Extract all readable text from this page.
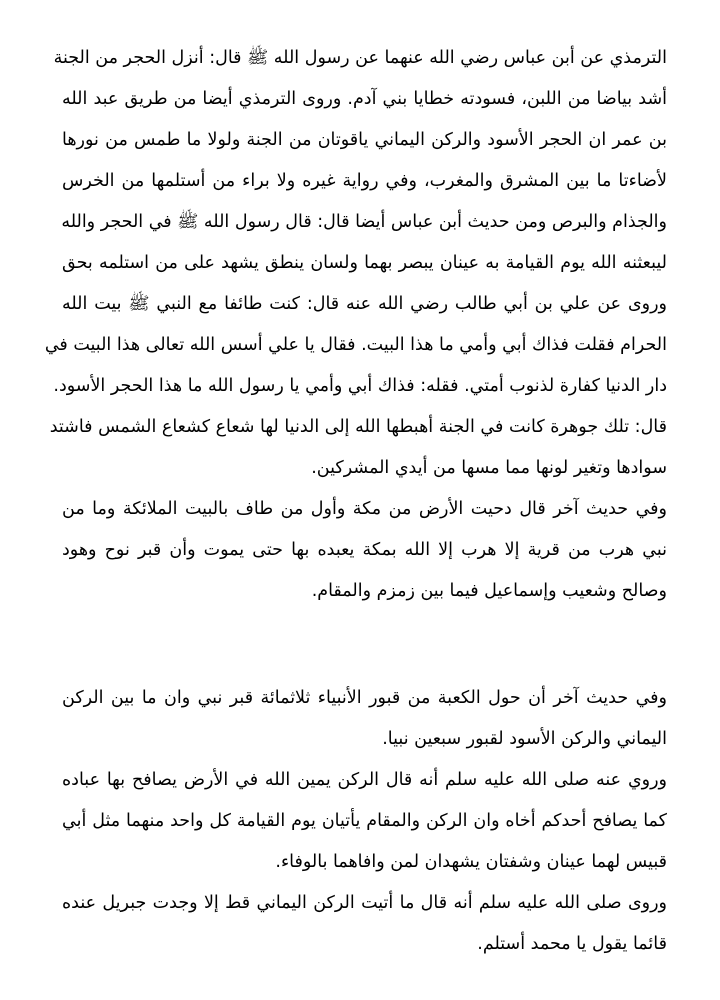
الترمذي عن أبن عباس رضي الله عنهما عن رسول الله ﷺ قال: أنزل الحجر من الجنة
أشد بياضا من اللبن، فسودته خطايا بني آدم. وروى الترمذي أيضا من طريق عبد الله
بن عمر ان الحجر الأسود والركن اليماني ياقوتان من الجنة ولولا ما طمس من نورها
لأضاءتا ما بين المشرق والمغرب، وفي رواية غيره ولا براء من أستلمها من الخرس
والجذام والبرص ومن حديث أبن عباس أيضا قال: قال رسول الله ﷺ في الحجر والله
ليبعثنه الله يوم القيامة به عينان يبصر بهما ولسان ينطق يشهد على من استلمه بحق
وروى عن علي بن أبي طالب رضي الله عنه قال: كنت طائفا مع النبي ﷺ بيت الله
الحرام فقلت فذاك أبي وأمي ما هذا البيت. فقال يا علي أسس الله تعالى هذا البيت في
دار الدنيا كفارة لذنوب أمتي. فقله: فذاك أبي وأمي يا رسول الله ما هذا الحجر الأسود.
قال: تلك جوهرة كانت في الجنة أهبطها الله إلى الدنيا لها شعاع كشعاع الشمس فاشتد
سوادها وتغير لونها مما مسها من أيدي المشركين.
وفي حديث آخر قال دحيت الأرض من مكة وأول من طاف بالبيت الملائكة وما من
نبي هرب من قرية إلا هرب إلا الله بمكة يعبده بها حتى يموت وأن قبر نوح وهود
وصالح وشعيب وإسماعيل فيما بين زمزم والمقام.
وفي حديث آخر أن حول الكعبة من قبور الأنبياء ثلاثمائة قبر نبي وان ما بين الركن
اليماني والركن الأسود لقبور سبعين نبيا.
وروي عنه صلى الله عليه سلم أنه قال الركن يمين الله في الأرض يصافح بها عباده
كما يصافح أحدكم أخاه وان الركن والمقام يأتيان يوم القيامة كل واحد منهما مثل أبي
قبيس لهما عينان وشفتان يشهدان لمن وافاهما بالوفاء.
وروى صلى الله عليه سلم أنه قال ما أتيت الركن اليماني قط إلا وجدت جبريل عنده
قائما يقول يا محمد أستلم.
